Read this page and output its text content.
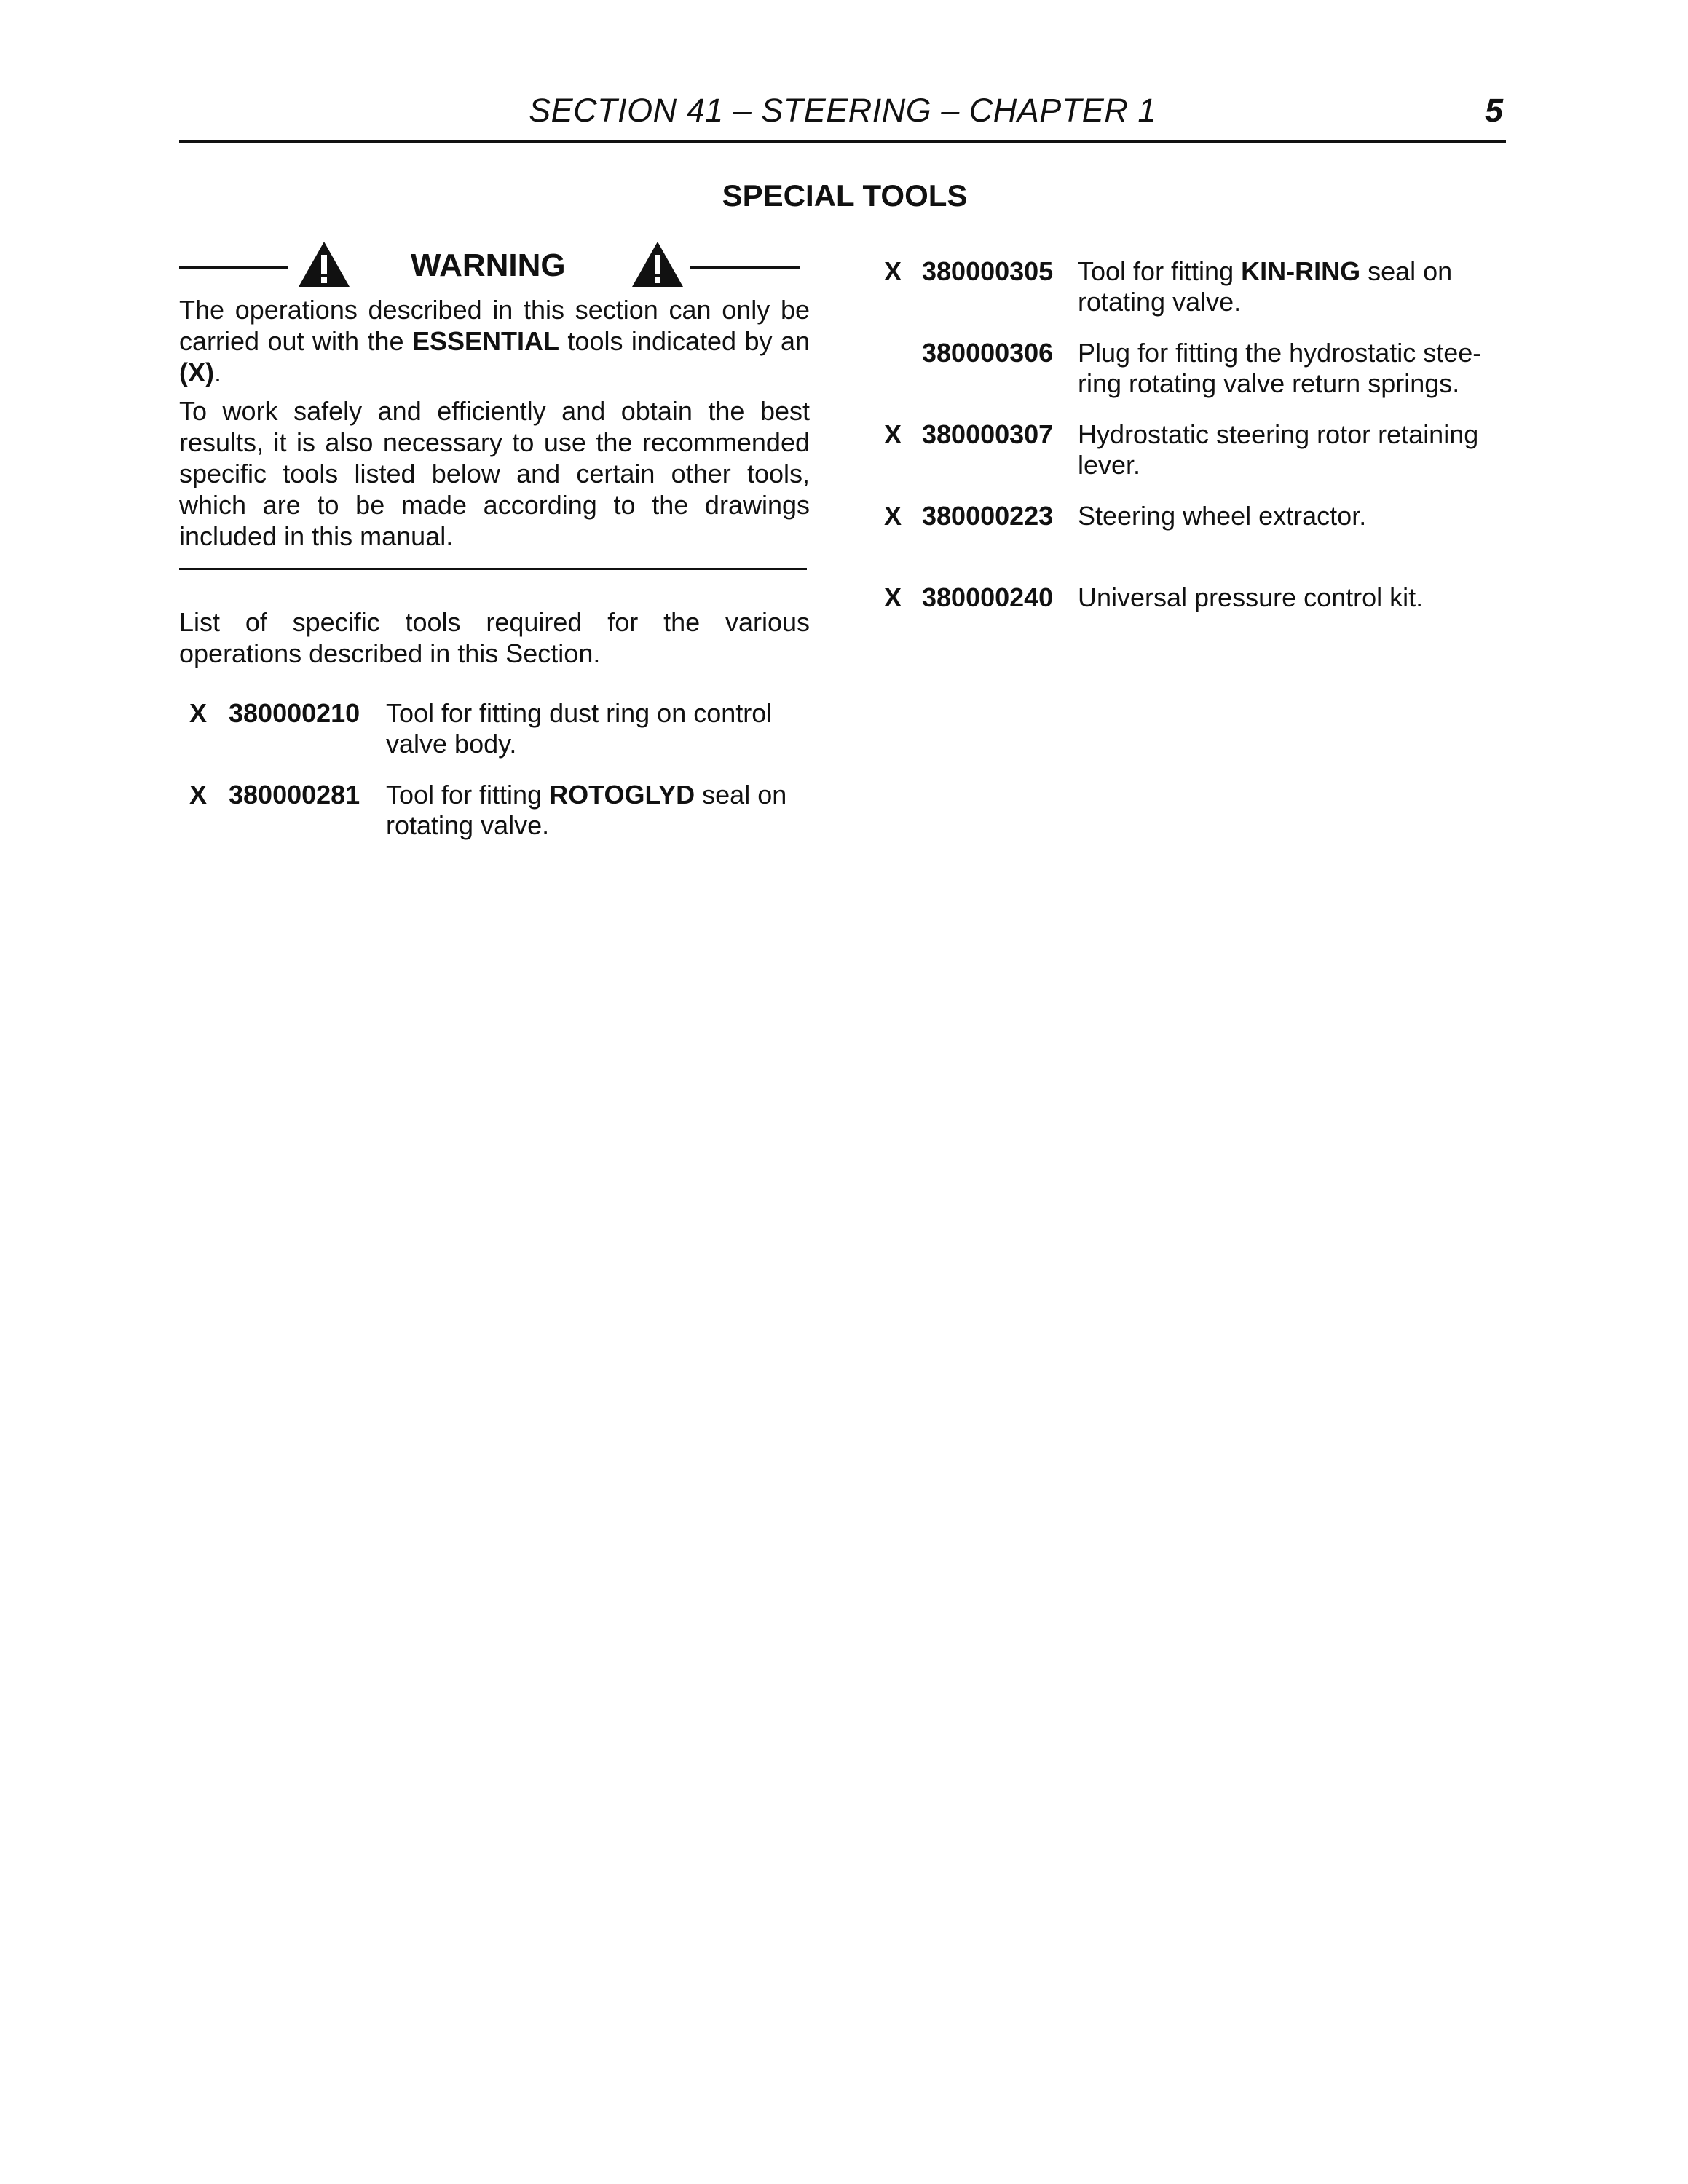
SECTION 41 – STEERING – CHAPTER 1	5
SPECIAL TOOLS
WARNING

The operations described in this section can only be carried out with the ESSENTIAL tools indicated by an (X).

To work safely and efficiently and obtain the best results, it is also necessary to use the recommended specific tools listed below and certain other tools, which are to be made according to the drawings included in this manual.

List of specific tools required for the various operations described in this Section.

X 380000210 Tool for fitting dust ring on control valve body.
X 380000281 Tool for fitting ROTOGLYD seal on rotating valve.
X 380000305 Tool for fitting KIN-RING seal on rotating valve.
380000306 Plug for fitting the hydrostatic stee-ring rotating valve return springs.
X 380000307 Hydrostatic steering rotor retaining lever.
X 380000223 Steering wheel extractor.
X 380000240 Universal pressure control kit.
